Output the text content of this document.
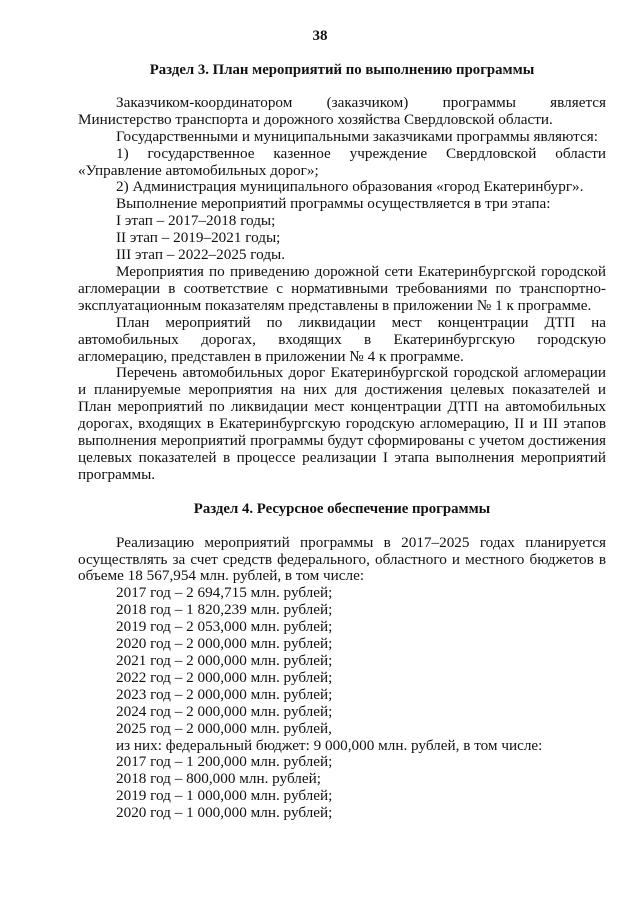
38
Раздел 3. План мероприятий по выполнению программы

Заказчиком-координатором (заказчиком) программы является Министерство транспорта и дорожного хозяйства Свердловской области.

Государственными и муниципальными заказчиками программы являются:

1) государственное казенное учреждение Свердловской области «Управление автомобильных дорог»;

2) Администрация муниципального образования «город Екатеринбург».

Выполнение мероприятий программы осуществляется в три этапа:

I этап – 2017–2018 годы;

II этап – 2019–2021 годы;

III этап – 2022–2025 годы.

Мероприятия по приведению дорожной сети Екатеринбургской городской агломерации в соответствие с нормативными требованиями по транспортно-эксплуатационным показателям представлены в приложении № 1 к программе.

План мероприятий по ликвидации мест концентрации ДТП на автомобильных дорогах, входящих в Екатеринбургскую городскую агломерацию, представлен в приложении № 4 к программе.

Перечень автомобильных дорог Екатеринбургской городской агломерации и планируемые мероприятия на них для достижения целевых показателей и План мероприятий по ликвидации мест концентрации ДТП на автомобильных дорогах, входящих в Екатеринбургскую городскую агломерацию, II и III этапов выполнения мероприятий программы будут сформированы с учетом достижения целевых показателей в процессе реализации I этапа выполнения мероприятий программы.

Раздел 4. Ресурсное обеспечение программы

Реализацию мероприятий программы в 2017–2025 годах планируется осуществлять за счет средств федерального, областного и местного бюджетов в объеме 18 567,954 млн. рублей, в том числе:

2017 год – 2 694,715 млн. рублей;

2018 год – 1 820,239 млн. рублей;

2019 год – 2 053,000 млн. рублей;

2020 год – 2 000,000 млн. рублей;

2021 год – 2 000,000 млн. рублей;

2022 год – 2 000,000 млн. рублей;

2023 год – 2 000,000 млн. рублей;

2024 год – 2 000,000 млн. рублей;

2025 год – 2 000,000 млн. рублей,

из них: федеральный бюджет: 9 000,000 млн. рублей, в том числе:

2017 год – 1 200,000 млн. рублей;

2018 год – 800,000 млн. рублей;

2019 год – 1 000,000 млн. рублей;

2020 год – 1 000,000 млн. рублей;
